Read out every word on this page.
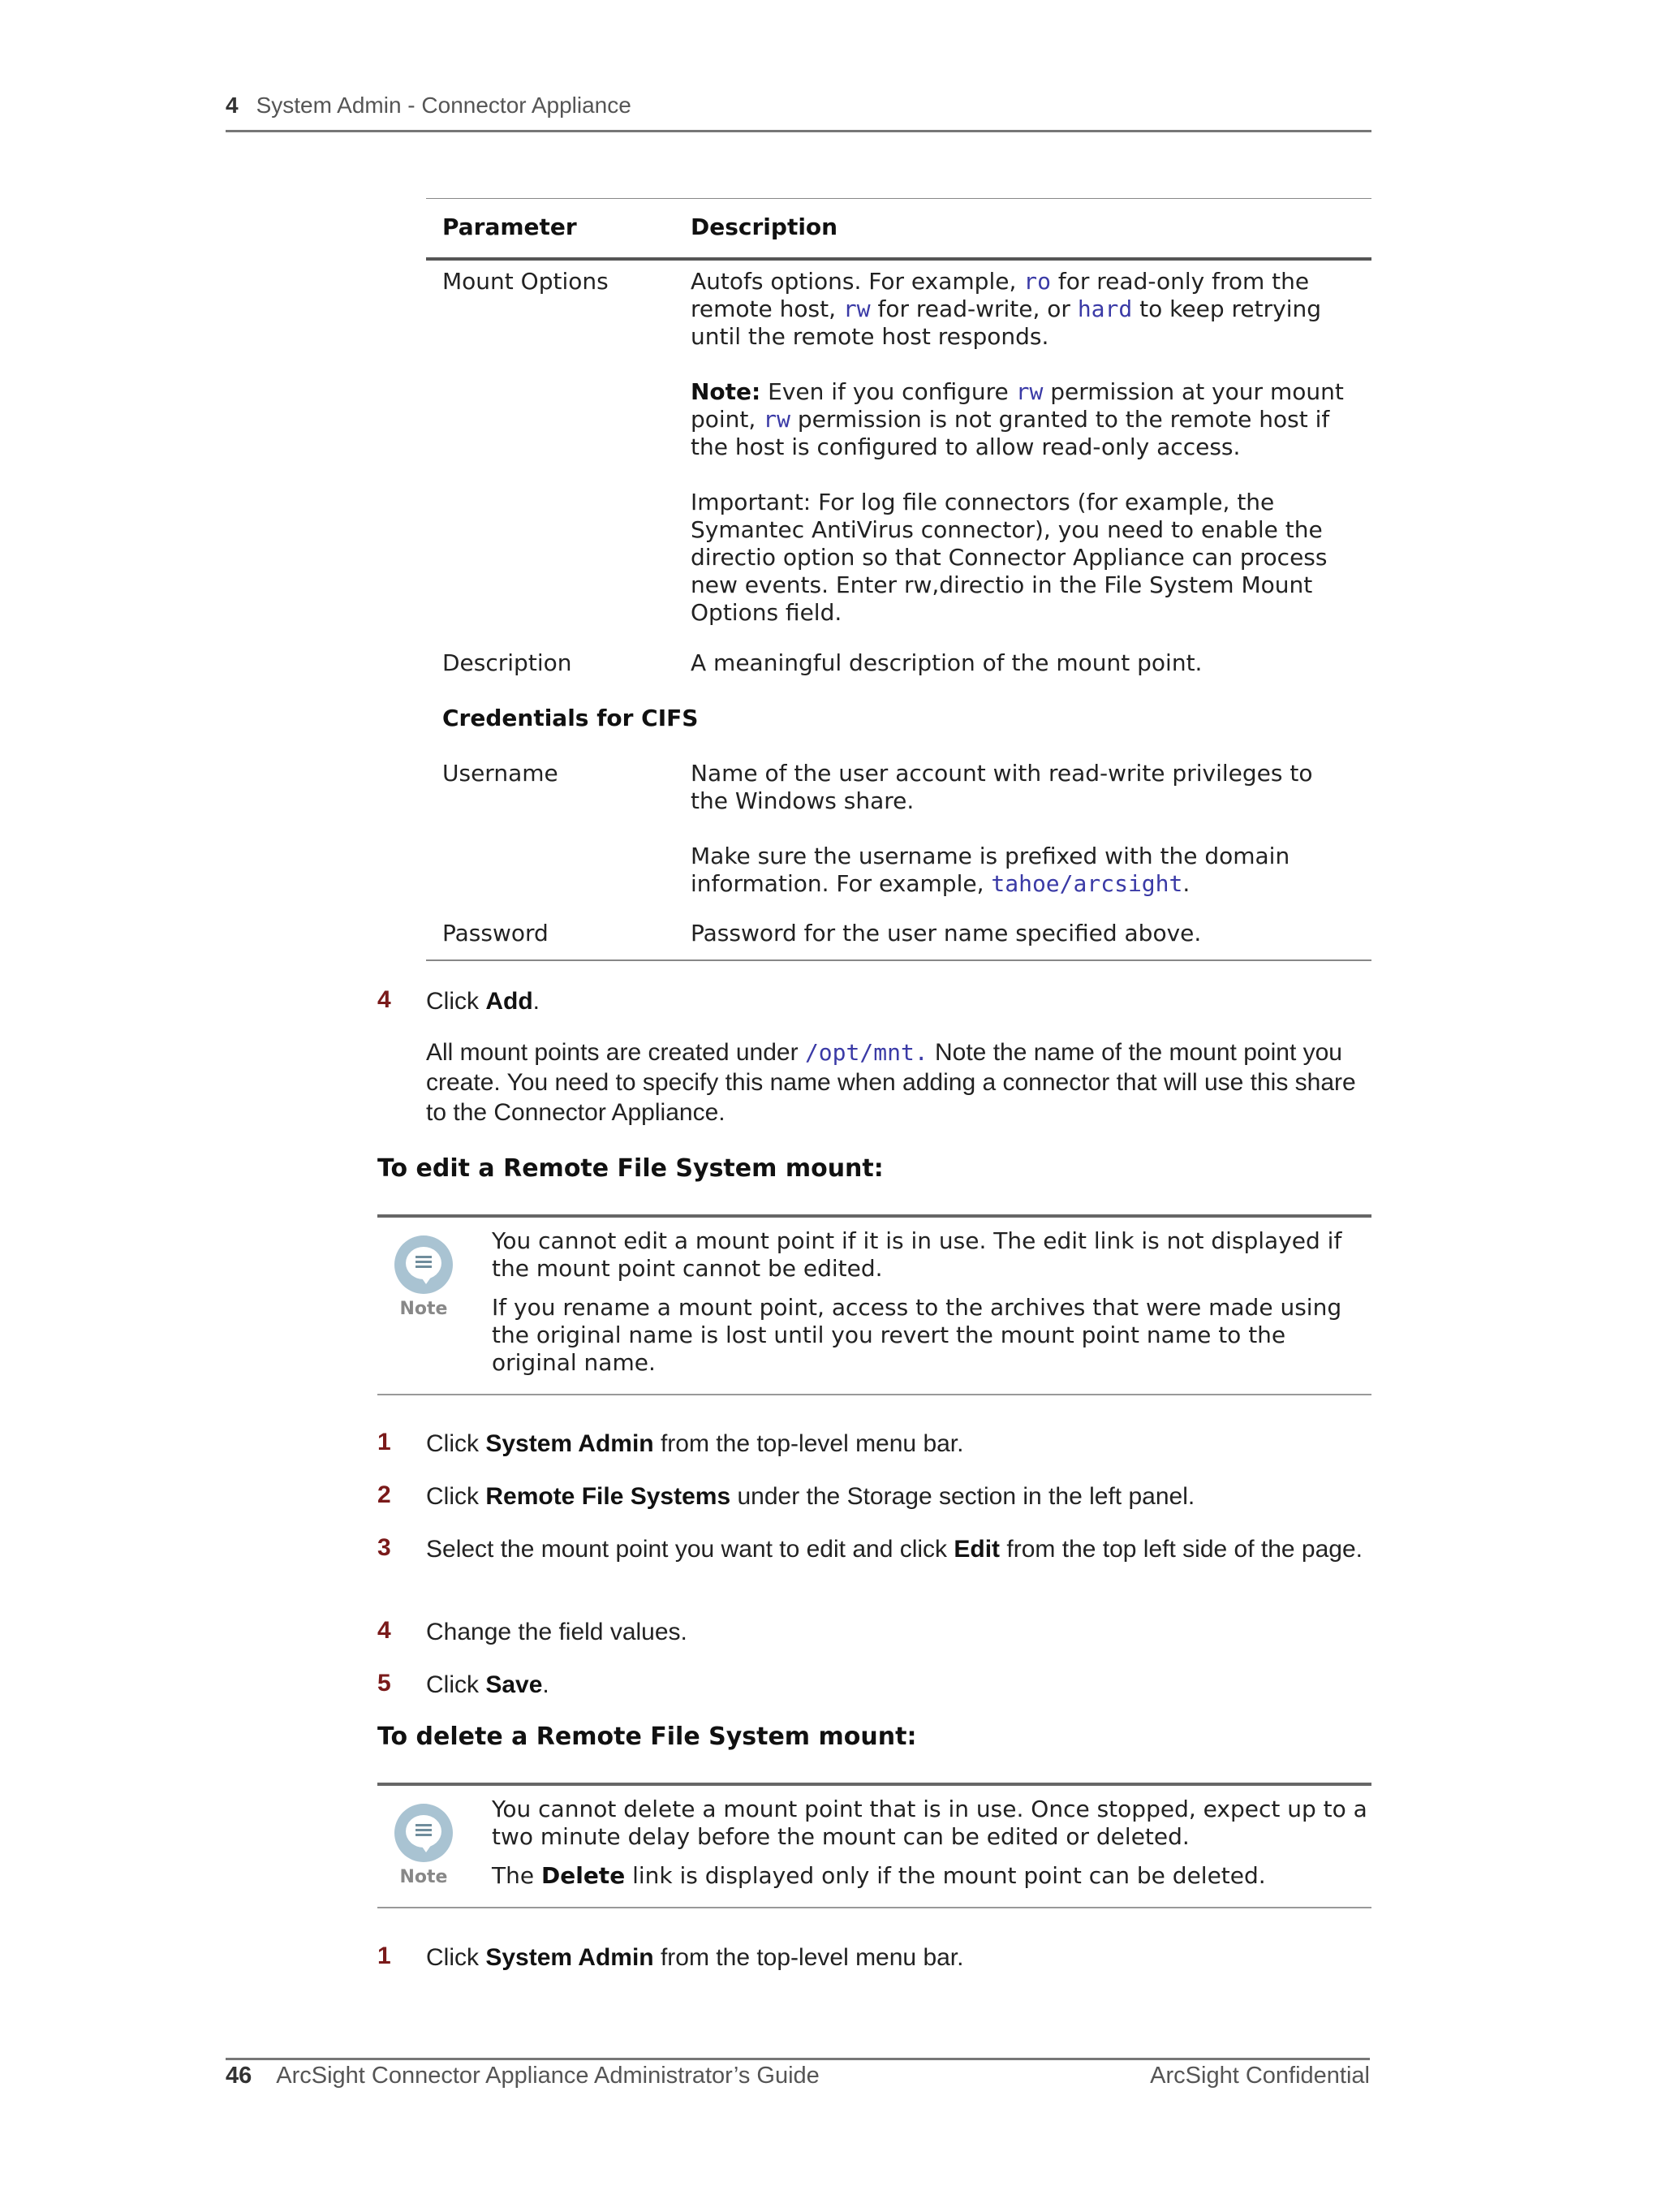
4 System Admin - Connector Appliance
Parameter	Description
Mount Options	Autofs options. For example, ro for read-only from the remote host, rw for read-write, or hard to keep retrying until the remote host responds.
Note: Even if you configure rw permission at your mount point, rw permission is not granted to the remote host if the host is configured to allow read-only access.
Important: For log file connectors (for example, the Symantec AntiVirus connector), you need to enable the directio option so that Connector Appliance can process new events. Enter rw,directio in the File System Mount Options field.
Description	A meaningful description of the mount point.
Credentials for CIFS
Username	Name of the user account with read-write privileges to the Windows share.
Make sure the username is prefixed with the domain information. For example, tahoe/arcsight.
Password	Password for the user name specified above.
4 Click Add.
All mount points are created under /opt/mnt. Note the name of the mount point you create. You need to specify this name when adding a connector that will use this share to the Connector Appliance.
To edit a Remote File System mount:
Note
You cannot edit a mount point if it is in use. The edit link is not displayed if the mount point cannot be edited.
If you rename a mount point, access to the archives that were made using the original name is lost until you revert the mount point name to the original name.
1 Click System Admin from the top-level menu bar.
2 Click Remote File Systems under the Storage section in the left panel.
3 Select the mount point you want to edit and click Edit from the top left side of the page.
4 Change the field values.
5 Click Save.
To delete a Remote File System mount:
Note
You cannot delete a mount point that is in use. Once stopped, expect up to a two minute delay before the mount can be edited or deleted.
The Delete link is displayed only if the mount point can be deleted.
1 Click System Admin from the top-level menu bar.
46 ArcSight Connector Appliance Administrator’s Guide	ArcSight Confidential
